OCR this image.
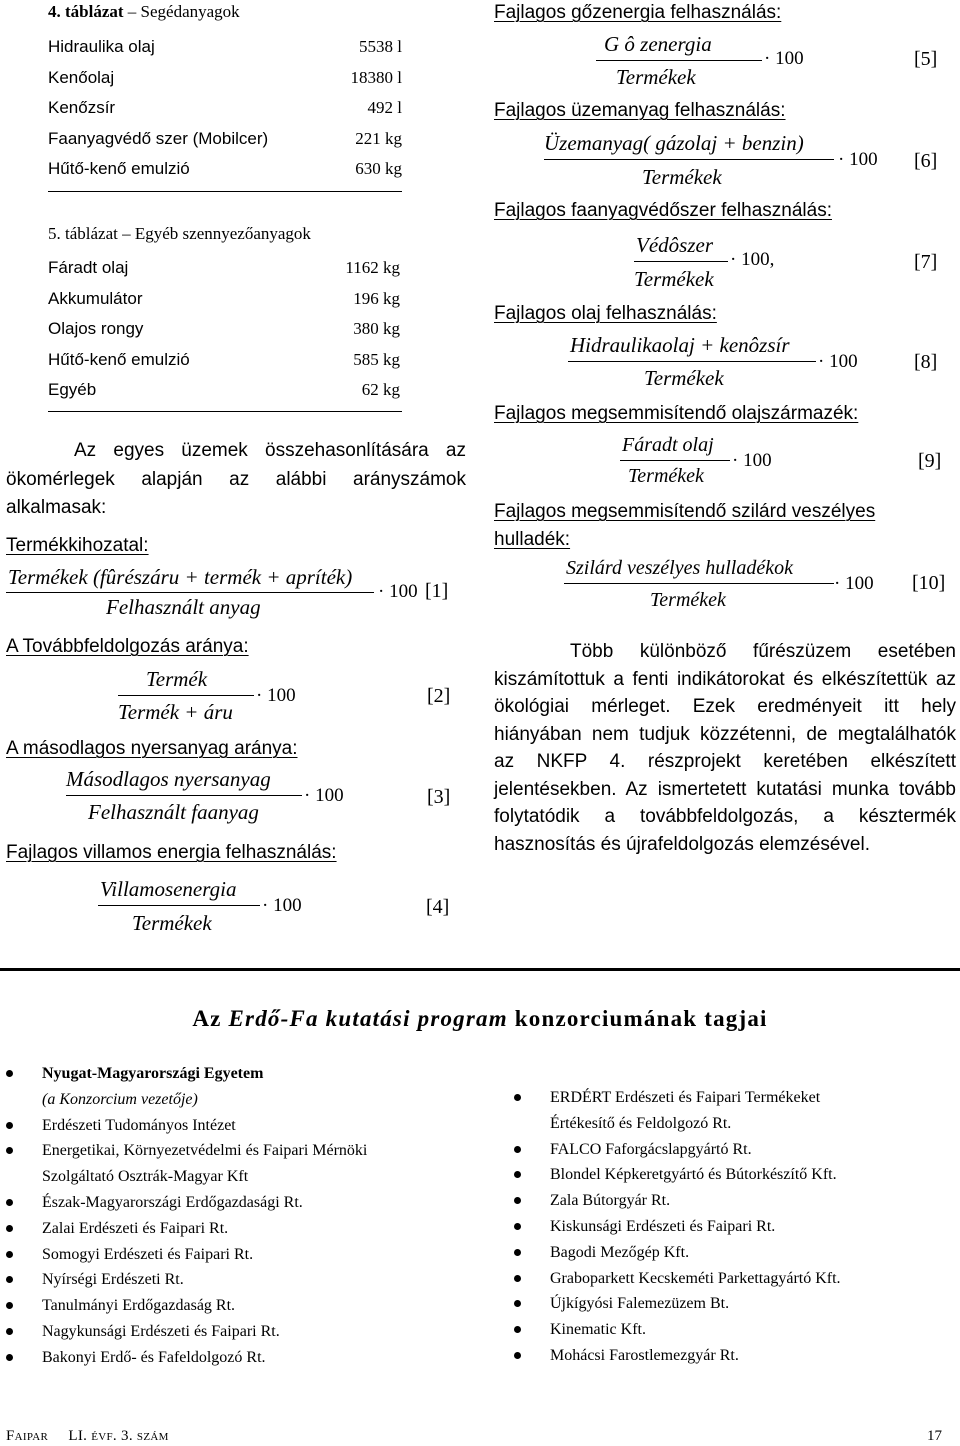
4. táblázat – Segédanyagok
Hidraulika olaj	5538 l
Kenőolaj	18380 l
Kenőzsír	492 l
Faanyagvédő szer (Mobilcer)	221 kg
Hűtő-kenő emulzió	630 kg
5. táblázat – Egyéb szennyezőanyagok
Fáradt olaj	1162 kg
Akkumulátor	196 kg
Olajos rongy	380 kg
Hűtő-kenő emulzió	585 kg
Egyéb	62 kg
Az egyes üzemek összehasonlítására az ökomérlegek alapján az alábbi arányszámok alkalmasak:
Termékkihozatal:
Termékek (fûrészáru + termék + apríték)
Felhasznált anyag
· 100 [1]
A Továbbfeldolgozás aránya:
Termék
Termék + áru
· 100	[2]
A másodlagos nyersanyag aránya:
Másodlagos nyersanyag
Felhasznált faanyag
· 100	[3]
Fajlagos villamos energia felhasználás:
Villamosenergia
Termékek
· 100	[4]
Fajlagos gőzenergia felhasználás:
G ô zenergia
Termékek
· 100	[5]
Fajlagos üzemanyag felhasználás:
Üzemanyag( gázolaj + benzin)
Termékek
· 100 [6]
Fajlagos faanyagvédőszer felhasználás:
Védôszer
Termékek
· 100,	[7]
Fajlagos olaj felhasználás:
Hidraulikaolaj + kenôzsír
Termékek
· 100	[8]
Fajlagos megsemmisítendő olajszármazék:
Fáradt olaj
Termékek
· 100	[9]
Fajlagos megsemmisítendő szilárd veszélyes
hulladék:
Szilárd veszélyes hulladékok
Termékek
· 100 [10]
Több különböző fűrészüzem esetében kiszámítottuk a fenti indikátorokat és elkészítettük az ökológiai mérleget. Ezek eredményeit itt hely hiányában nem tudjuk közzétenni, de megtalálhatók az NKFP 4. részprojekt keretében elkészített jelentésekben. Az ismertetett kutatási munka tovább folytatódik a továbbfeldolgozás, a késztermék hasznosítás és újrafeldolgozás elemzésével.
Az Erdő-Fa kutatási program konzorciumának tagjai
Nyugat-Magyarországi Egyetem
(a Konzorcium vezetője)
Erdészeti Tudományos Intézet
Energetikai, Környezetvédelmi és Faipari Mérnöki
Szolgáltató Osztrák-Magyar Kft
Észak-Magyarországi Erdőgazdasági Rt.
Zalai Erdészeti és Faipari Rt.
Somogyi Erdészeti és Faipari Rt.
Nyírségi Erdészeti Rt.
Tanulmányi Erdőgazdaság Rt.
Nagykunsági Erdészeti és Faipari Rt.
Bakonyi Erdő- és Fafeldolgozó Rt.
ERDÉRT Erdészeti és Faipari Termékeket
Értékesítő és Feldolgozó Rt.
FALCO Faforgácslapgyártó Rt.
Blondel Képkeretgyártó és Bútorkészítő Kft.
Zala Bútorgyár Rt.
Kiskunsági Erdészeti és Faipari Rt.
Bagodi Mezőgép Kft.
Graboparkett Kecskeméti Parkettagyártó Kft.
Újkígyósi Falemezüzem Bt.
Kinematic Kft.
Mohácsi Farostlemezgyár Rt.
Faipar LI. évf. 3. szám	17
